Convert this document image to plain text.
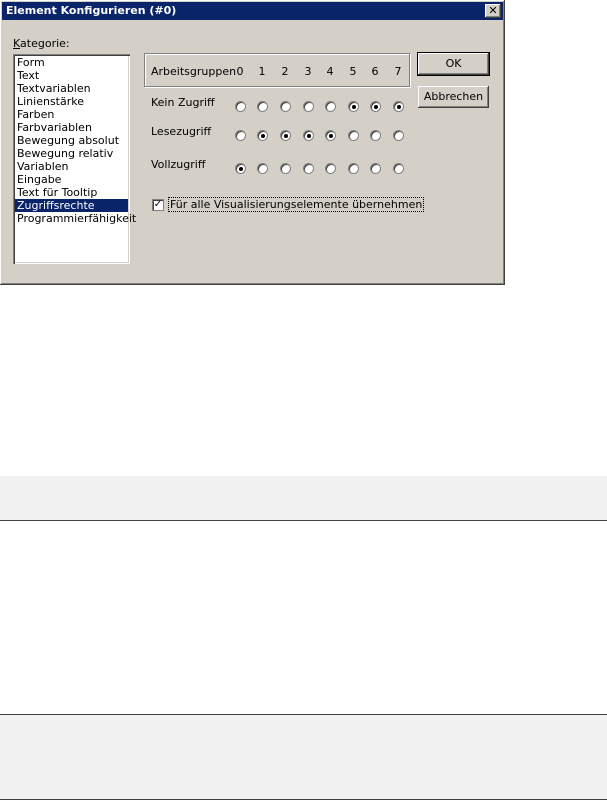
Element Konfigurieren (#0)	✕
Kategorie:
Form
Text
Textvariablen
Linienstärke
Farben
Farbvariablen
Bewegung absolut
Bewegung relativ
Variablen
Eingabe
Text für Tooltip
Zugriffsrechte
Programmierfähigkeit
Arbeitsgruppen 0 1 2 3 4 5 6 7
Kein Zugriff
Lesezugriff
Vollzugriff
✓ Für alle Visualisierungselemente übernehmen
OK
Abbrechen
